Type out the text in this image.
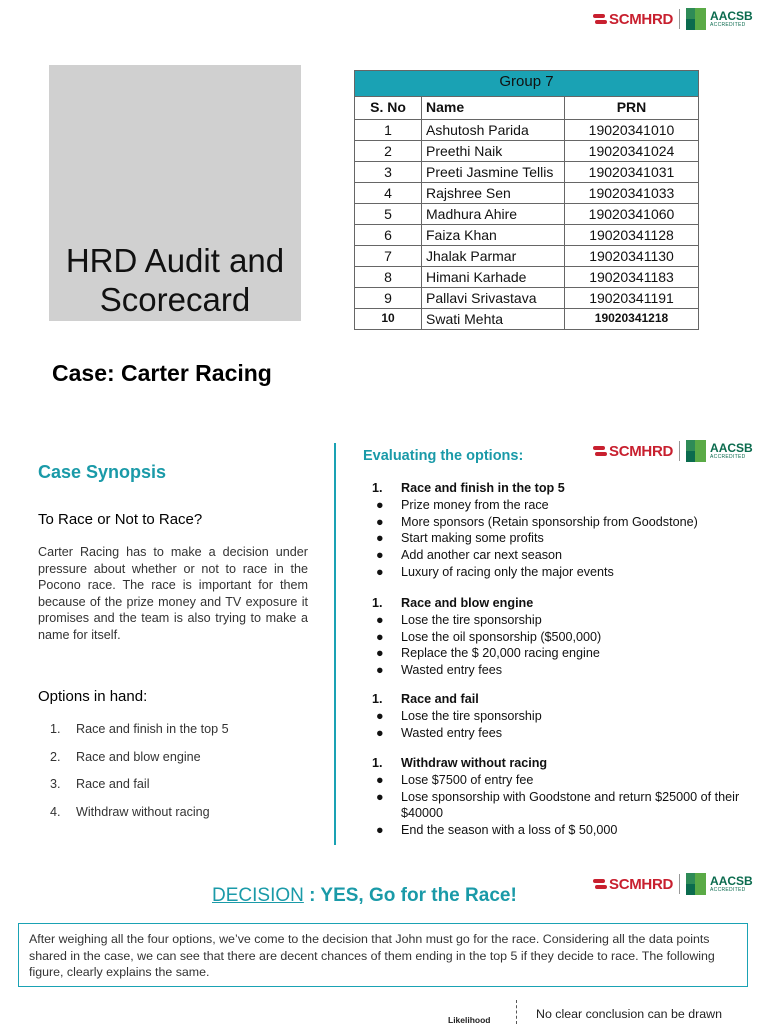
SCMHRD	AACSB
ACCREDITED
SCMHRD	AACSB
ACCREDITED
SCMHRD	AACSB
ACCREDITED
HRD Audit and
Scorecard
Case: Carter Racing
Group 7		
S. No	Name	PRN
1	Ashutosh Parida	19020341010
2	Preethi Naik	19020341024
3	Preeti Jasmine Tellis	19020341031
4	Rajshree Sen	19020341033
5	Madhura Ahire	19020341060
6	Faiza Khan	19020341128
7	Jhalak Parmar	19020341130
8	Himani Karhade	19020341183
9	Pallavi Srivastava	19020341191
10	Swati Mehta	19020341218
Case Synopsis
To Race or Not to Race?
Carter Racing has to make a decision under pressure about whether or not to race in the Pocono race. The race is important for them because of the prize money and TV exposure it promises and the team is also trying to make a name for itself.
Options in hand:
1.	Race and finish in the top 5
2.	Race and blow engine
3.	Race and fail
4.	Withdraw without racing
Evaluating the options:
1.	Race and finish in the top 5
●	Prize money from the race
●	More sponsors (Retain sponsorship from Goodstone)
●	Start making some profits
●	Add another car next season
●	Luxury of racing only the major events
1.	Race and blow engine
●	Lose the tire sponsorship
●	Lose the oil sponsorship ($500,000)
●	Replace the $ 20,000 racing engine
●	Wasted entry fees
1.	Race and fail
●	Lose the tire sponsorship
●	Wasted entry fees
1.	Withdraw without racing
●	Lose $7500 of entry fee
●	Lose sponsorship with Goodstone and return $25000 of their $40000
●	End the season with a loss of $ 50,000
DECISION : YES, Go for the Race!
After weighing all the four options, we’ve come to the decision that John must go for the race. Considering all the data points shared in the case, we can see that there are decent chances of them ending in the top 5 if they decide to race. The following figure, clearly explains the same.
Likelihood	No clear conclusion can be drawn
